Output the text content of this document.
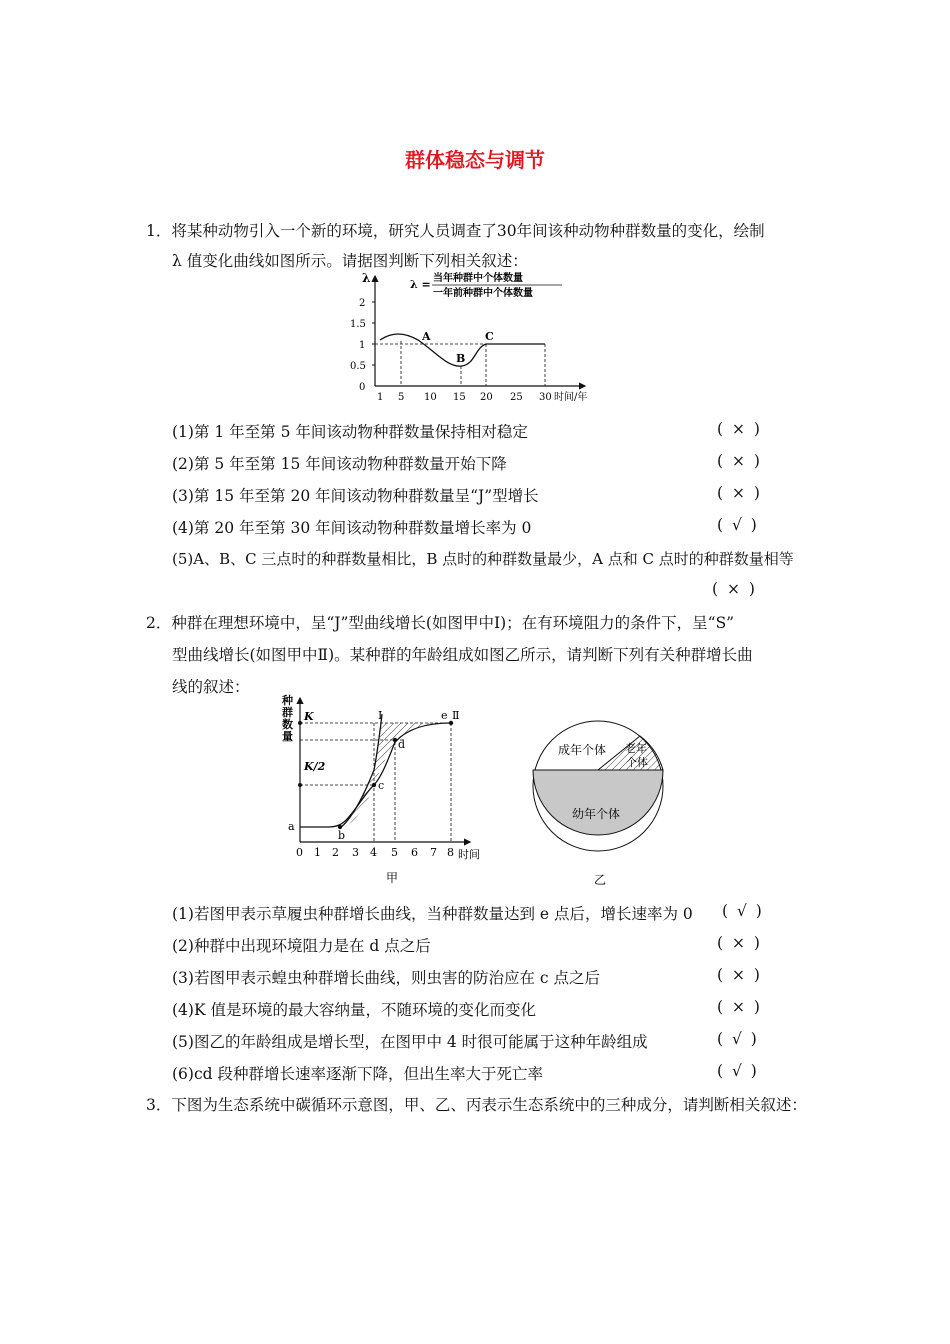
群体稳态与调节
1．将某种动物引入一个新的环境，研究人员调查了30年间该种动物种群数量的变化，绘制
λ 值变化曲线如图所示。请据图判断下列相关叙述：
λ	λ = 当年种群中个体数量
一年前种群中个体数量
2
1.5
1
0.5
0
1 5 10 15 20 25 30 时间/年
A
B
C
(1)第 1 年至第 5 年间该动物种群数量保持相对稳定	( × )
(2)第 5 年至第 15 年间该动物种群数量开始下降	( × )
(3)第 15 年至第 20 年间该动物种群数量呈“J”型增长	( × )
(4)第 20 年至第 30 年间该动物种群数量增长率为 0	( √ )
(5)A、B、C 三点时的种群数量相比，B 点时的种群数量最少，A 点和 C 点时的种群数量相等
( × )
2．种群在理想环境中，呈“J”型曲线增长(如图甲中Ⅰ)；在有环境阻力的条件下，呈“S”
型曲线增长(如图甲中Ⅱ)。某种群的年龄组成如图乙所示，请判断下列有关种群增长曲
线的叙述：
种
群
数
量
K
K/2
a
b
c
d
e
Ⅰ	Ⅱ
0 1 2 3 4 5 6 7 8 时间
甲
成年个体 老年
个体
幼年个体
乙
(1)若图甲表示草履虫种群增长曲线，当种群数量达到 e 点后，增长速率为 0 ( √ )
(2)种群中出现环境阻力是在 d 点之后	( × )
(3)若图甲表示蝗虫种群增长曲线，则虫害的防治应在 c 点之后	( × )
(4)K 值是环境的最大容纳量，不随环境的变化而变化	( × )
(5)图乙的年龄组成是增长型，在图甲中 4 时很可能属于这种年龄组成	( √ )
(6)cd 段种群增长速率逐渐下降，但出生率大于死亡率	( √ )
3．下图为生态系统中碳循环示意图，甲、乙、丙表示生态系统中的三种成分，请判断相关叙述：
